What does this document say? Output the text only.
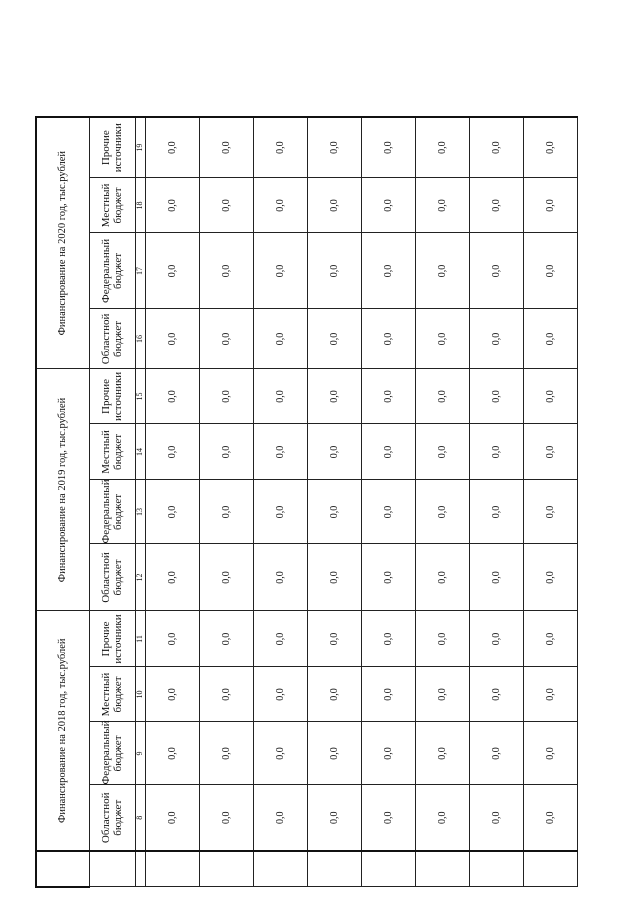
	Финансирование на 2018 год, тыс.рублей				Финансирование на 2019 год, тыс.рублей				Финансирование на 2020 год, тыс.рублей			

	Областной бюджет	Федеральный бюджет	Местный бюджет	Прочие источники	Областной бюджет	Федеральный бюджет	Местный бюджет	Прочие источники	Областной бюджет	Федеральный бюджет	Местный бюджет	Прочие источники

	8	9	10	11	12	13	14	15	16	17	18	19
	0,0	0,0	0,0	0,0	0,0	0,0	0,0	0,0	0,0	0,0	0,0	0,0
	0,0	0,0	0,0	0,0	0,0	0,0	0,0	0,0	0,0	0,0	0,0	0,0
	0,0	0,0	0,0	0,0	0,0	0,0	0,0	0,0	0,0	0,0	0,0	0,0
	0,0	0,0	0,0	0,0	0,0	0,0	0,0	0,0	0,0	0,0	0,0	0,0
	0,0	0,0	0,0	0,0	0,0	0,0	0,0	0,0	0,0	0,0	0,0	0,0
	0,0	0,0	0,0	0,0	0,0	0,0	0,0	0,0	0,0	0,0	0,0	0,0
	0,0	0,0	0,0	0,0	0,0	0,0	0,0	0,0	0,0	0,0	0,0	0,0
	0,0	0,0	0,0	0,0	0,0	0,0	0,0	0,0	0,0	0,0	0,0	0,0
